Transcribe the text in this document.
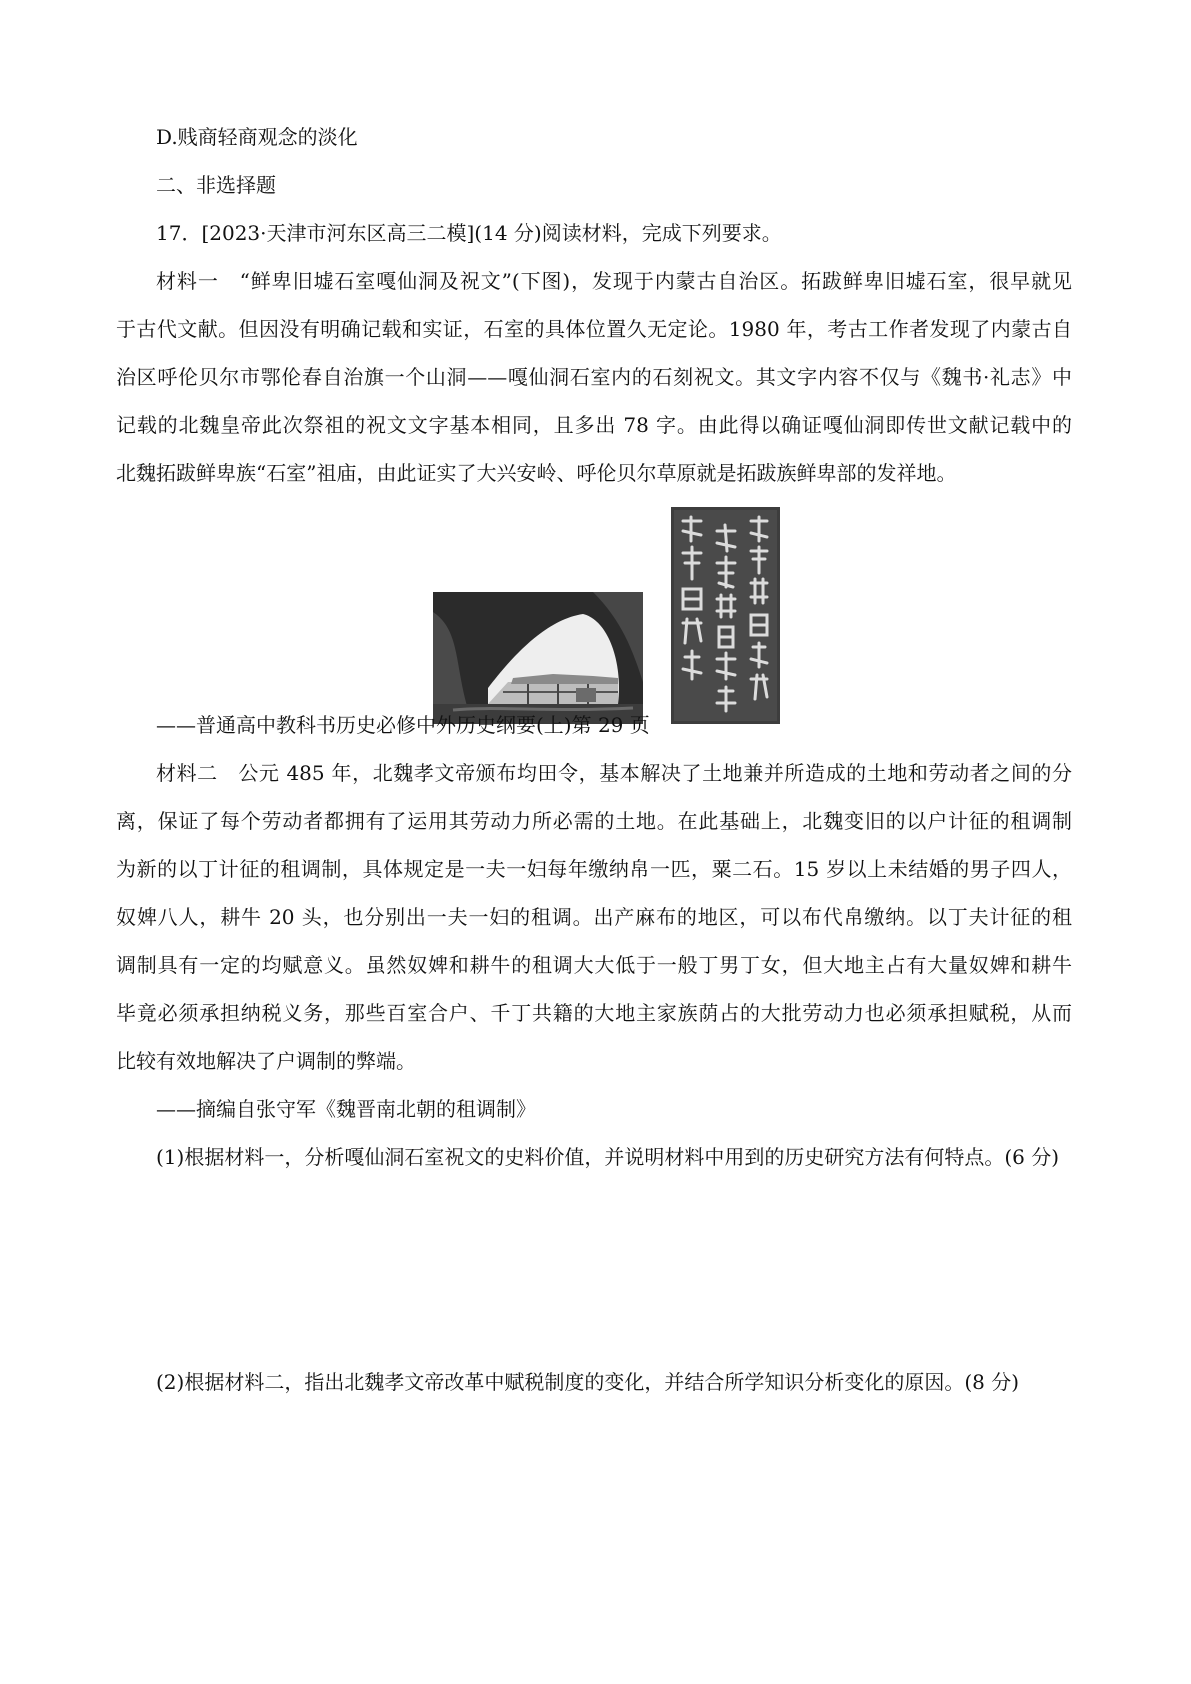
D.贱商轻商观念的淡化
二、非选择题
17．[2023·天津市河东区高三二模](14 分)阅读材料，完成下列要求。
材料一　“鲜卑旧墟石室嘎仙洞及祝文”(下图)，发现于内蒙古自治区。拓跋鲜卑旧墟石室，很早就见
于古代文献。但因没有明确记载和实证，石室的具体位置久无定论。1980 年，考古工作者发现了内蒙古自
治区呼伦贝尔市鄂伦春自治旗一个山洞——嘎仙洞石室内的石刻祝文。其文字内容不仅与《魏书·礼志》中
记载的北魏皇帝此次祭祖的祝文文字基本相同，且多出 78 字。由此得以确证嘎仙洞即传世文献记载中的
北魏拓跋鲜卑族“石室”祖庙，由此证实了大兴安岭、呼伦贝尔草原就是拓跋族鲜卑部的发祥地。
——普通高中教科书历史必修中外历史纲要(上)第 29 页
材料二　公元 485 年，北魏孝文帝颁布均田令，基本解决了土地兼并所造成的土地和劳动者之间的分
离，保证了每个劳动者都拥有了运用其劳动力所必需的土地。在此基础上，北魏变旧的以户计征的租调制
为新的以丁计征的租调制，具体规定是一夫一妇每年缴纳帛一匹，粟二石。15 岁以上未结婚的男子四人，
奴婢八人，耕牛 20 头，也分别出一夫一妇的租调。出产麻布的地区，可以布代帛缴纳。以丁夫计征的租
调制具有一定的均赋意义。虽然奴婢和耕牛的租调大大低于一般丁男丁女，但大地主占有大量奴婢和耕牛
毕竟必须承担纳税义务，那些百室合户、千丁共籍的大地主家族荫占的大批劳动力也必须承担赋税，从而
比较有效地解决了户调制的弊端。
——摘编自张守军《魏晋南北朝的租调制》
(1)根据材料一，分析嘎仙洞石室祝文的史料价值，并说明材料中用到的历史研究方法有何特点。(6 分)
(2)根据材料二，指出北魏孝文帝改革中赋税制度的变化，并结合所学知识分析变化的原因。(8 分)
